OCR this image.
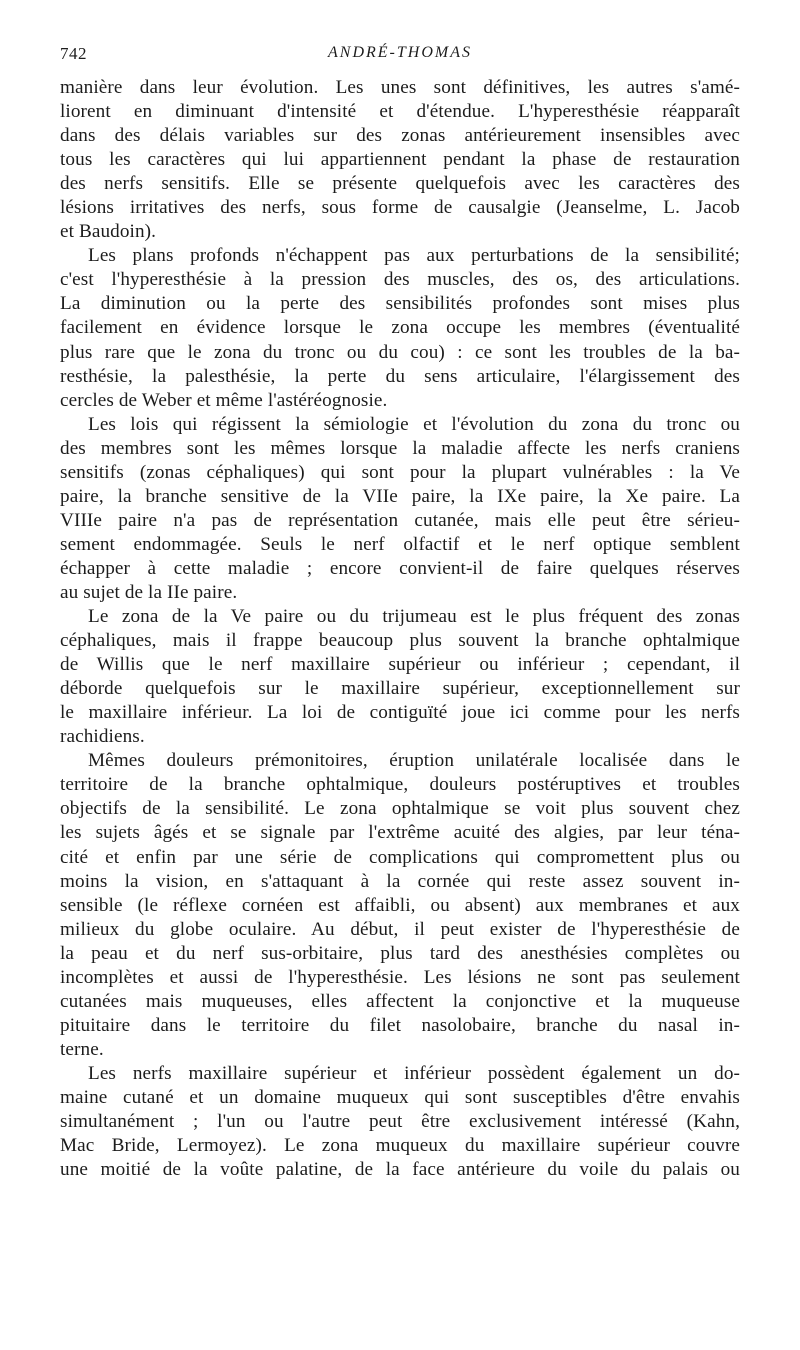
742	ANDRÉ-THOMAS
manière dans leur évolution. Les unes sont définitives, les autres s'amé-
liorent en diminuant d'intensité et d'étendue. L'hyperesthésie réapparaît
dans des délais variables sur des zonas antérieurement insensibles avec
tous les caractères qui lui appartiennent pendant la phase de restauration
des nerfs sensitifs. Elle se présente quelquefois avec les caractères des
lésions irritatives des nerfs, sous forme de causalgie (Jeanselme, L. Jacob
et Baudoin).
Les plans profonds n'échappent pas aux perturbations de la sensibilité;
c'est l'hyperesthésie à la pression des muscles, des os, des articulations.
La diminution ou la perte des sensibilités profondes sont mises plus
facilement en évidence lorsque le zona occupe les membres (éventualité
plus rare que le zona du tronc ou du cou) : ce sont les troubles de la ba-
resthésie, la palesthésie, la perte du sens articulaire, l'élargissement des
cercles de Weber et même l'astéréognosie.
Les lois qui régissent la sémiologie et l'évolution du zona du tronc ou
des membres sont les mêmes lorsque la maladie affecte les nerfs craniens
sensitifs (zonas céphaliques) qui sont pour la plupart vulnérables : la Ve
paire, la branche sensitive de la VIIe paire, la IXe paire, la Xe paire. La
VIIIe paire n'a pas de représentation cutanée, mais elle peut être sérieu-
sement endommagée. Seuls le nerf olfactif et le nerf optique semblent
échapper à cette maladie ; encore convient-il de faire quelques réserves
au sujet de la IIe paire.
Le zona de la Ve paire ou du trijumeau est le plus fréquent des zonas
céphaliques, mais il frappe beaucoup plus souvent la branche ophtalmique
de Willis que le nerf maxillaire supérieur ou inférieur ; cependant, il
déborde quelquefois sur le maxillaire supérieur, exceptionnellement sur
le maxillaire inférieur. La loi de contiguïté joue ici comme pour les nerfs
rachidiens.
Mêmes douleurs prémonitoires, éruption unilatérale localisée dans le
territoire de la branche ophtalmique, douleurs postéruptives et troubles
objectifs de la sensibilité. Le zona ophtalmique se voit plus souvent chez
les sujets âgés et se signale par l'extrême acuité des algies, par leur téna-
cité et enfin par une série de complications qui compromettent plus ou
moins la vision, en s'attaquant à la cornée qui reste assez souvent in-
sensible (le réflexe cornéen est affaibli, ou absent) aux membranes et aux
milieux du globe oculaire. Au début, il peut exister de l'hyperesthésie de
la peau et du nerf sus-orbitaire, plus tard des anesthésies complètes ou
incomplètes et aussi de l'hyperesthésie. Les lésions ne sont pas seulement
cutanées mais muqueuses, elles affectent la conjonctive et la muqueuse
pituitaire dans le territoire du filet nasolobaire, branche du nasal in-
terne.
Les nerfs maxillaire supérieur et inférieur possèdent également un do-
maine cutané et un domaine muqueux qui sont susceptibles d'être envahis
simultanément ; l'un ou l'autre peut être exclusivement intéressé (Kahn,
Mac Bride, Lermoyez). Le zona muqueux du maxillaire supérieur couvre
une moitié de la voûte palatine, de la face antérieure du voile du palais ou
